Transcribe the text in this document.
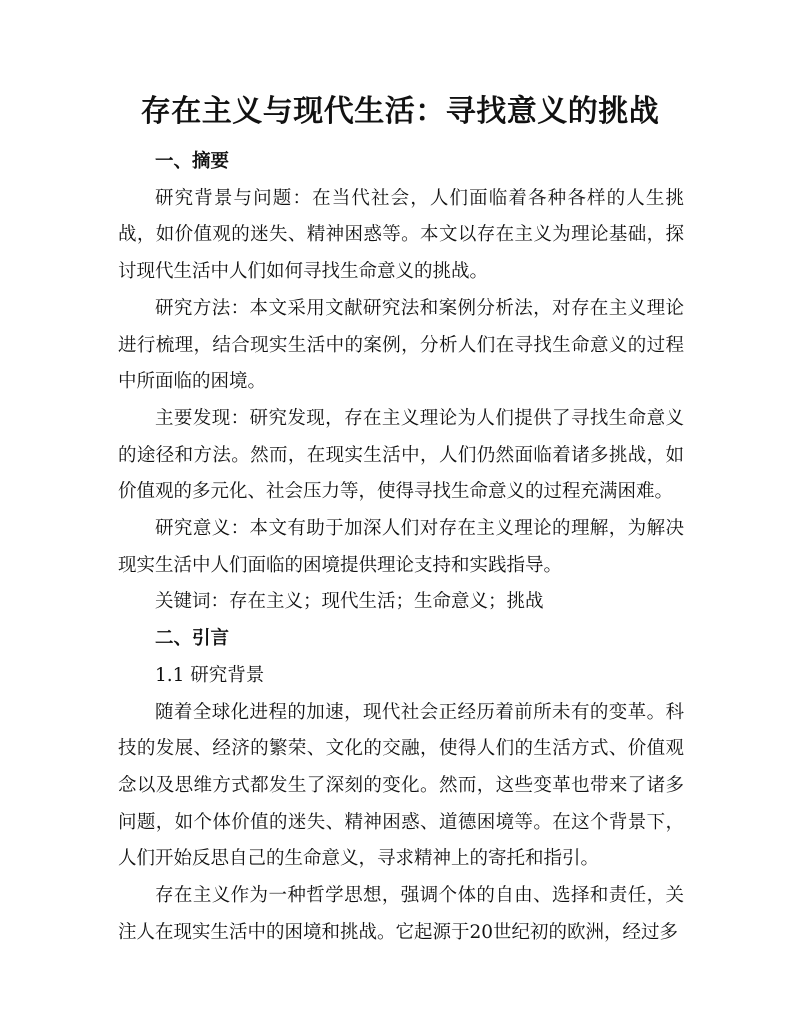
存在主义与现代生活：寻找意义的挑战

一、摘要

研究背景与问题：在当代社会，人们面临着各种各样的人生挑战，如价值观的迷失、精神困惑等。本文以存在主义为理论基础，探讨现代生活中人们如何寻找生命意义的挑战。

研究方法：本文采用文献研究法和案例分析法，对存在主义理论进行梳理，结合现实生活中的案例，分析人们在寻找生命意义的过程中所面临的困境。

主要发现：研究发现，存在主义理论为人们提供了寻找生命意义的途径和方法。然而，在现实生活中，人们仍然面临着诸多挑战，如价值观的多元化、社会压力等，使得寻找生命意义的过程充满困难。

研究意义：本文有助于加深人们对存在主义理论的理解，为解决现实生活中人们面临的困境提供理论支持和实践指导。

关键词：存在主义；现代生活；生命意义；挑战

二、引言

1.1 研究背景

随着全球化进程的加速，现代社会正经历着前所未有的变革。科技的发展、经济的繁荣、文化的交融，使得人们的生活方式、价值观念以及思维方式都发生了深刻的变化。然而，这些变革也带来了诸多问题，如个体价值的迷失、精神困惑、道德困境等。在这个背景下，人们开始反思自己的生命意义，寻求精神上的寄托和指引。

存在主义作为一种哲学思想，强调个体的自由、选择和责任，关注人在现实生活中的困境和挑战。它起源于20世纪初的欧洲，经过多
